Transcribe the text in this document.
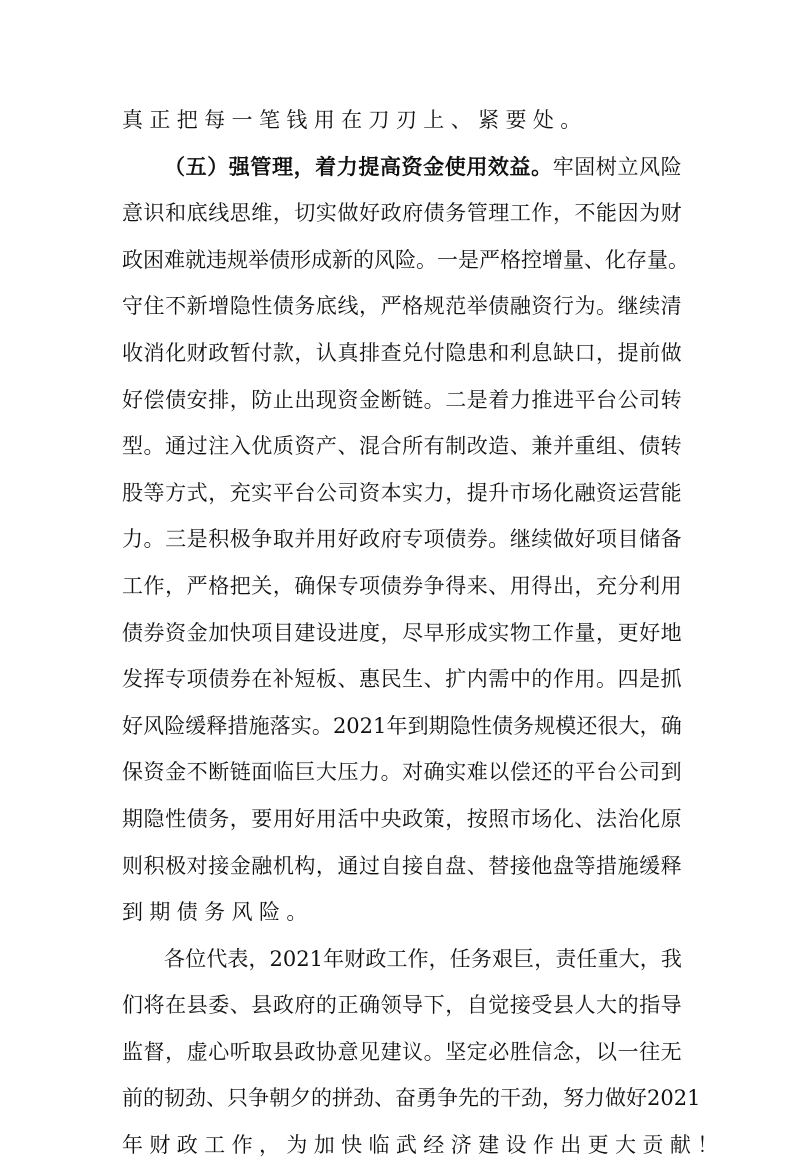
真 正 把 每 一 笔 钱 用 在 刀 刃 上 、 紧 要 处 。
（ 五 ） 强 管 理 ， 着 力 提 高 资 金 使 用 效 益 。 牢 固 树 立 风 险
意 识 和 底 线 思 维 ， 切 实 做 好 政 府 债 务 管 理 工 作 ， 不 能 因 为 财
政 困 难 就 违 规 举 债 形 成 新 的 风 险 。 一 是 严 格 控 增 量 、 化 存 量 。
守 住 不 新 增 隐 性 债 务 底 线 ， 严 格 规 范 举 债 融 资 行 为 。 继 续 清
收 消 化 财 政 暂 付 款 ， 认 真 排 查 兑 付 隐 患 和 利 息 缺 口 ， 提 前 做
好 偿 债 安 排 ， 防 止 出 现 资 金 断 链 。 二 是 着 力 推 进 平 台 公 司 转
型 。 通 过 注 入 优 质 资 产 、 混 合 所 有 制 改 造 、 兼 并 重 组 、 债 转
股 等 方 式 ， 充 实 平 台 公 司 资 本 实 力 ， 提 升 市 场 化 融 资 运 营 能
力 。 三 是 积 极 争 取 并 用 好 政 府 专 项 债 券 。 继 续 做 好 项 目 储 备
工 作 ， 严 格 把 关 ， 确 保 专 项 债 券 争 得 来 、 用 得 出 ， 充 分 利 用
债 券 资 金 加 快 项 目 建 设 进 度 ， 尽 早 形 成 实 物 工 作 量 ， 更 好 地
发 挥 专 项 债 券 在 补 短 板 、 惠 民 生 、 扩 内 需 中 的 作 用 。 四 是 抓
好 风 险 缓 释 措 施 落 实 。 2021 年 到 期 隐 性 债 务 规 模 还 很 大 ， 确
保 资 金 不 断 链 面 临 巨 大 压 力 。 对 确 实 难 以 偿 还 的 平 台 公 司 到
期 隐 性 债 务 ， 要 用 好 用 活 中 央 政 策 ， 按 照 市 场 化 、 法 治 化 原
则 积 极 对 接 金 融 机 构 ， 通 过 自 接 自 盘 、 替 接 他 盘 等 措 施 缓 释
到 期 债 务 风 险 。
各 位 代 表 ， 2021 年 财 政 工 作 ， 任 务 艰 巨 ， 责 任 重 大 ， 我
们 将 在 县 委 、 县 政 府 的 正 确 领 导 下 ， 自 觉 接 受 县 人 大 的 指 导
监 督 ， 虚 心 听 取 县 政 协 意 见 建 议 。 坚 定 必 胜 信 念 ， 以 一 往 无
前 的 韧 劲 、 只 争 朝 夕 的 拼 劲 、 奋 勇 争 先 的 干 劲 ， 努 力 做 好 2021
年 财 政 工 作 ， 为 加 快 临 武 经 济 建 设 作 出 更 大 贡 献 ！
